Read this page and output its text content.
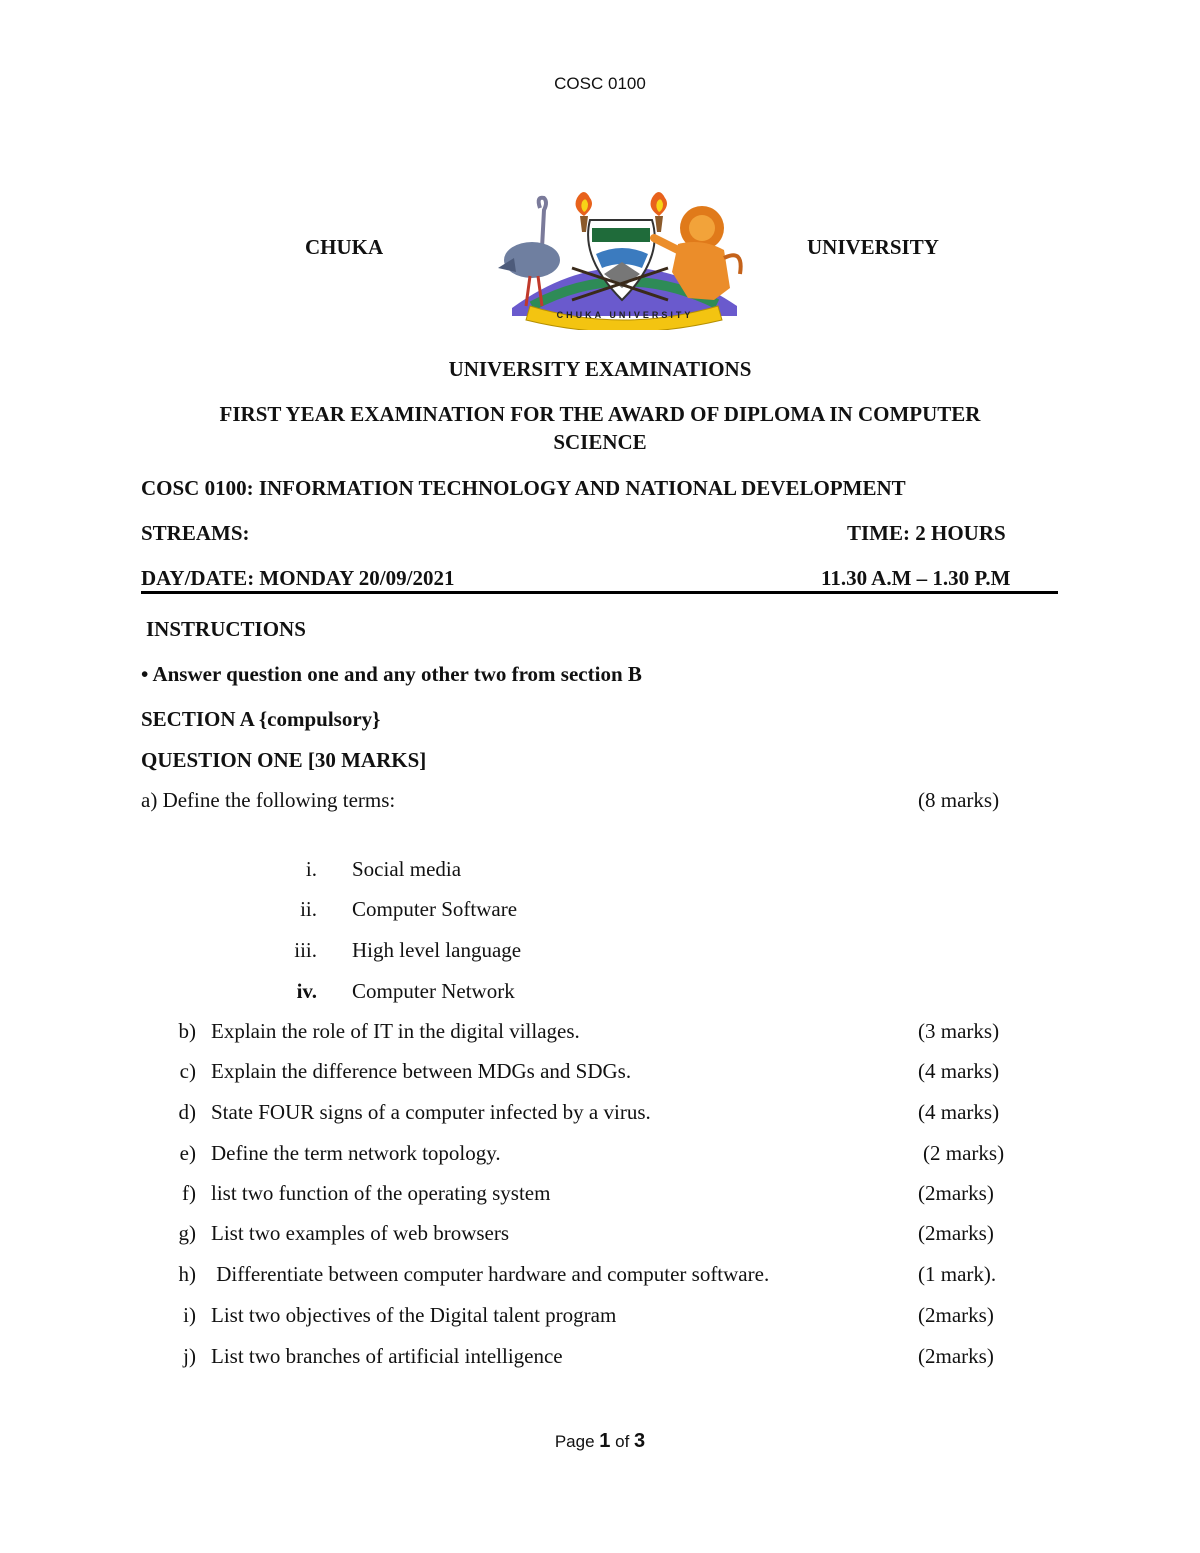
COSC 0100
CHUKA	UNIVERSITY
CHUKA UNIVERSITY
UNIVERSITY EXAMINATIONS
FIRST YEAR EXAMINATION FOR THE AWARD OF DIPLOMA IN COMPUTER
SCIENCE
COSC 0100: INFORMATION TECHNOLOGY AND NATIONAL DEVELOPMENT
STREAMS:	TIME: 2 HOURS
DAY/DATE: MONDAY 20/09/2021	11.30 A.M – 1.30 P.M
INSTRUCTIONS
• Answer question one and any other two from section B
SECTION A {compulsory}
QUESTION ONE [30 MARKS]
a) Define the following terms:	(8 marks)
i. Social media
ii. Computer Software
iii. High level language
iv. Computer Network
b) Explain the role of IT in the digital villages.	(3 marks)
c) Explain the difference between MDGs and SDGs.	(4 marks)
d) State FOUR signs of a computer infected by a virus.	(4 marks)
e) Define the term network topology.	(2 marks)
f) list two function of the operating system	(2marks)
g) List two examples of web browsers	(2marks)
h) Differentiate between computer hardware and computer software.	(1 mark).
i) List two objectives of the Digital talent program	(2marks)
j) List two branches of artificial intelligence	(2marks)
Page 1 of 3
